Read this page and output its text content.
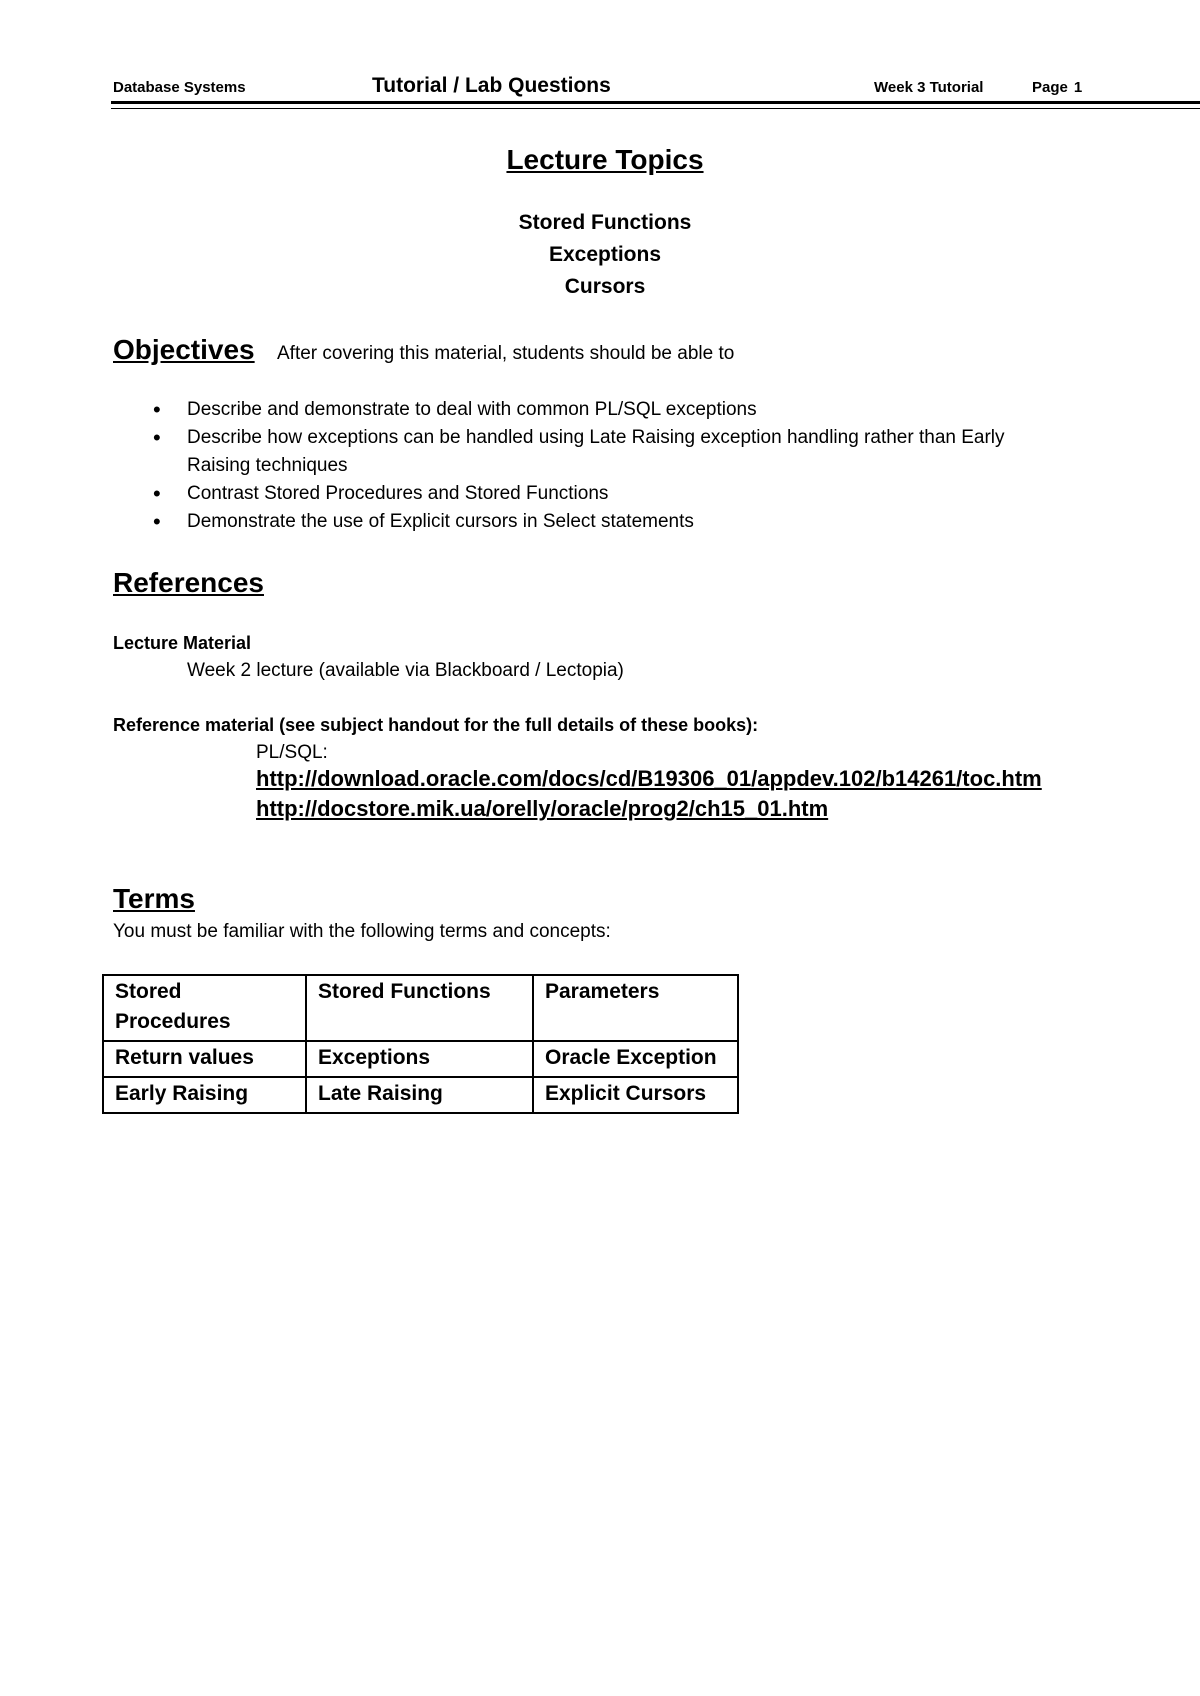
Database Systems	Tutorial / Lab Questions	Week 3 Tutorial	Page 1
Lecture Topics
Stored Functions
Exceptions
Cursors
Objectives After covering this material, students should be able to
• Describe and demonstrate to deal with common PL/SQL exceptions
• Describe how exceptions can be handled using Late Raising exception handling rather than Early Raising techniques
• Contrast Stored Procedures and Stored Functions
• Demonstrate the use of Explicit cursors in Select statements
References
Lecture Material
Week 2 lecture (available via Blackboard / Lectopia)
Reference material (see subject handout for the full details of these books):
PL/SQL:
http://download.oracle.com/docs/cd/B19306_01/appdev.102/b14261/toc.htm
http://docstore.mik.ua/orelly/oracle/prog2/ch15_01.htm
Terms
You must be familiar with the following terms and concepts:
Stored Procedures	Stored Functions	Parameters
Return values	Exceptions	Oracle Exception
Early Raising	Late Raising	Explicit Cursors
